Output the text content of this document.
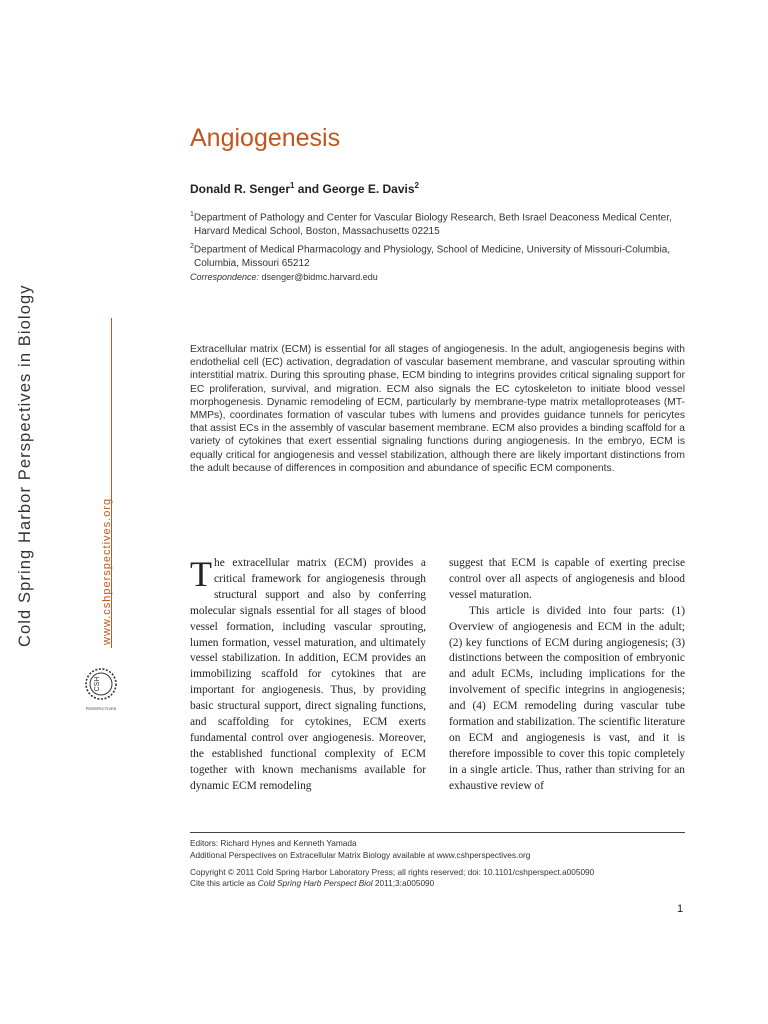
Cold Spring Harbor Perspectives in Biology	www.cshperspectives.org
CSH
PERSPECTIVES
Angiogenesis
Donald R. Senger$^1$ and George E. Davis$^2$
$^1$Department of Pathology and Center for Vascular Biology Research, Beth Israel Deaconess Medical Center,
Harvard Medical School, Boston, Massachusetts 02215
$^2$Department of Medical Pharmacology and Physiology, School of Medicine, University of Missouri-Columbia,
Columbia, Missouri 65212
Correspondence: dsenger@bidmc.harvard.edu
Extracellular matrix (ECM) is essential for all stages of angiogenesis. In the adult, angiogenesis begins with endothelial cell (EC) activation, degradation of vascular basement membrane, and vascular sprouting within interstitial matrix. During this sprouting phase, ECM binding to integrins provides critical signaling support for EC proliferation, survival, and migration. ECM also signals the EC cytoskeleton to initiate blood vessel morphogenesis. Dynamic remodeling of ECM, particularly by membrane-type matrix metalloproteases (MT-MMPs), coordinates formation of vascular tubes with lumens and provides guidance tunnels for pericytes that assist ECs in the assembly of vascular basement membrane. ECM also provides a binding scaffold for a variety of cytokines that exert essential signaling functions during angiogenesis. In the embryo, ECM is equally critical for angiogenesis and vessel stabilization, although there are likely important distinctions from the adult because of differences in composition and abundance of specific ECM components.

The extracellular matrix (ECM) provides a critical framework for angiogenesis through structural support and also by conferring molecular signals essential for all stages of blood vessel formation, including vascular sprouting, lumen formation, vessel maturation, and ultimately vessel stabilization. In addition, ECM provides an immobilizing scaffold for cytokines that are important for angiogenesis. Thus, by providing basic structural support, direct signaling functions, and scaffolding for cytokines, ECM exerts fundamental control over angiogenesis. Moreover, the established functional complexity of ECM together with known mechanisms available for dynamic ECM remodeling

suggest that ECM is capable of exerting precise control over all aspects of angiogenesis and blood vessel maturation.

This article is divided into four parts: (1) Overview of angiogenesis and ECM in the adult; (2) key functions of ECM during angiogenesis; (3) distinctions between the composition of embryonic and adult ECMs, including implications for the involvement of specific integrins in angiogenesis; and (4) ECM remodeling during vascular tube formation and stabilization. The scientific literature on ECM and angiogenesis is vast, and it is therefore impossible to cover this topic completely in a single article. Thus, rather than striving for an exhaustive review of

Editors: Richard Hynes and Kenneth Yamada
Additional Perspectives on Extracellular Matrix Biology available at www.cshperspectives.org
Copyright © 2011 Cold Spring Harbor Laboratory Press; all rights reserved; doi: 10.1101/cshperspect.a005090
Cite this article as Cold Spring Harb Perspect Biol 2011;3:a005090
1
